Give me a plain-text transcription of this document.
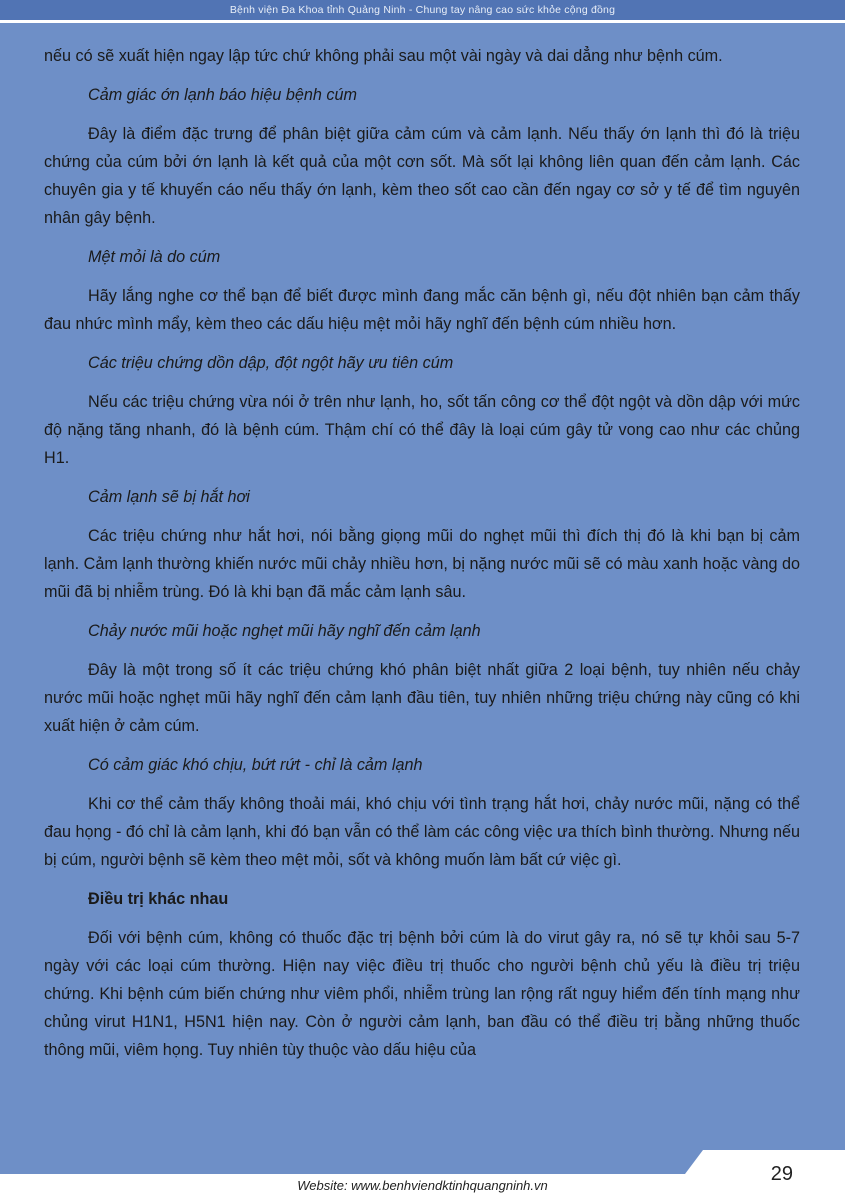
Bệnh viện Đa Khoa tỉnh Quảng Ninh - Chung tay nâng cao sức khỏe cộng đồng

nếu có sẽ xuất hiện ngay lập tức chứ không phải sau một vài ngày và dai dẳng như bệnh cúm.

Cảm giác ớn lạnh báo hiệu bệnh cúm

Đây là điểm đặc trưng để phân biệt giữa cảm cúm và cảm lạnh. Nếu thấy ớn lạnh thì đó là triệu chứng của cúm bởi ớn lạnh là kết quả của một cơn sốt. Mà sốt lại không liên quan đến cảm lạnh. Các chuyên gia y tế khuyến cáo nếu thấy ớn lạnh, kèm theo sốt cao cần đến ngay cơ sở y tế để tìm nguyên nhân gây bệnh.

Mệt mỏi là do cúm

Hãy lắng nghe cơ thể bạn để biết được mình đang mắc căn bệnh gì, nếu đột nhiên bạn cảm thấy đau nhức mình mẩy, kèm theo các dấu hiệu mệt mỏi hãy nghĩ đến bệnh cúm nhiều hơn.

Các triệu chứng dồn dập, đột ngột hãy ưu tiên cúm

Nếu các triệu chứng vừa nói ở trên như lạnh, ho, sốt tấn công cơ thể đột ngột và dồn dập với mức độ nặng tăng nhanh, đó là bệnh cúm. Thậm chí có thể đây là loại cúm gây tử vong cao như các chủng H1.

Cảm lạnh sẽ bị hắt hơi

Các triệu chứng như hắt hơi, nói bằng giọng mũi do nghẹt mũi thì đích thị đó là khi bạn bị cảm lạnh. Cảm lạnh thường khiến nước mũi chảy nhiều hơn, bị nặng nước mũi sẽ có màu xanh hoặc vàng do mũi đã bị nhiễm trùng. Đó là khi bạn đã mắc cảm lạnh sâu.

Chảy nước mũi hoặc nghẹt mũi hãy nghĩ đến cảm lạnh

Đây là một trong số ít các triệu chứng khó phân biệt nhất giữa 2 loại bệnh, tuy nhiên nếu chảy nước mũi hoặc nghẹt mũi hãy nghĩ đến cảm lạnh đầu tiên, tuy nhiên những triệu chứng này cũng có khi xuất hiện ở cảm cúm.

Có cảm giác khó chịu, bứt rứt - chỉ là cảm lạnh

Khi cơ thể cảm thấy không thoải mái, khó chịu với tình trạng hắt hơi, chảy nước mũi, nặng có thể đau họng - đó chỉ là cảm lạnh, khi đó bạn vẫn có thể làm các công việc ưa thích bình thường. Nhưng nếu bị cúm, người bệnh sẽ kèm theo mệt mỏi, sốt và không muốn làm bất cứ việc gì.

Điều trị khác nhau

Đối với bệnh cúm, không có thuốc đặc trị bệnh bởi cúm là do virut gây ra, nó sẽ tự khỏi sau 5-7 ngày với các loại cúm thường. Hiện nay việc điều trị thuốc cho người bệnh chủ yếu là điều trị triệu chứng. Khi bệnh cúm biến chứng như viêm phổi, nhiễm trùng lan rộng rất nguy hiểm đến tính mạng như chủng virut H1N1, H5N1 hiện nay. Còn ở người cảm lạnh, ban đầu có thể điều trị bằng những thuốc thông mũi, viêm họng. Tuy nhiên tùy thuộc vào dấu hiệu của

29
Website: www.benhviendktinhquangninh.vn
